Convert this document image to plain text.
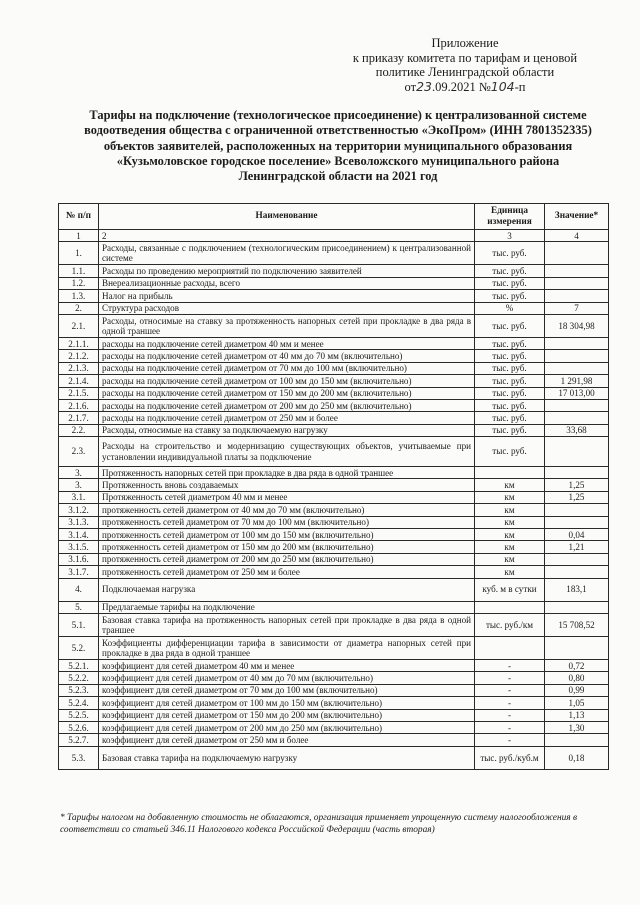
Приложение
к приказу комитета по тарифам и ценовой
политике Ленинградской области
от23.09.2021 №104-п
Тарифы на подключение (технологическое присоединение) к централизованной системе
водоотведения общества с ограниченной ответственностью «ЭкоПром» (ИНН 7801352335)
объектов заявителей, расположенных на территории муниципального образования
«Кузьмоловское городское поселение» Всеволожского муниципального района
Ленинградской области на 2021 год
№ п/п	Наименование	Единица измерения	Значение*
1	2	3	4
1.	Расходы, связанные с подключением (технологическим присоединением) к централизованной системе	тыс. руб.	
1.1.	Расходы по проведению мероприятий по подключению заявителей	тыс. руб.	
1.2.	Внереализационные расходы, всего	тыс. руб.	
1.3.	Налог на прибыль	тыс. руб.	
2.	Структура расходов	%	7
2.1.	Расходы, относимые на ставку за протяженность напорных сетей при прокладке в два ряда в одной траншее	тыс. руб.	18 304,98
2.1.1.	расходы на подключение сетей диаметром 40 мм и менее	тыс. руб.	
2.1.2.	расходы на подключение сетей диаметром от 40 мм до 70 мм (включительно)	тыс. руб.	
2.1.3.	расходы на подключение сетей диаметром от 70 мм до 100 мм (включительно)	тыс. руб.	
2.1.4.	расходы на подключение сетей диаметром от 100 мм до 150 мм (включительно)	тыс. руб.	1 291,98
2.1.5.	расходы на подключение сетей диаметром от 150 мм до 200 мм (включительно)	тыс. руб.	17 013,00
2.1.6.	расходы на подключение сетей диаметром от 200 мм до 250 мм (включительно)	тыс. руб.	
2.1.7.	расходы на подключение сетей диаметром от 250 мм и более	тыс. руб.	
2.2.	Расходы, относимые на ставку за подключаемую нагрузку	тыс. руб.	33,68
2.3.	Расходы на строительство и модернизацию существующих объектов, учитываемые при установлении индивидуальной платы за подключение	тыс. руб.	
3.	Протяженность напорных сетей при прокладке в два ряда в одной траншее		
3.	Протяженность вновь создаваемых	км	1,25
3.1.	Протяженность сетей диаметром 40 мм и менее	км	1,25
3.1.2.	протяженность сетей диаметром от 40 мм до 70 мм (включительно)	км	
3.1.3.	протяженность сетей диаметром от 70 мм до 100 мм (включительно)	км	
3.1.4.	протяженность сетей диаметром от 100 мм до 150 мм (включительно)	км	0,04
3.1.5.	протяженность сетей диаметром от 150 мм до 200 мм (включительно)	км	1,21
3.1.6.	протяженность сетей диаметром от 200 мм до 250 мм (включительно)	км	
3.1.7.	протяженность сетей диаметром от 250 мм и более	км	
4.	Подключаемая нагрузка	куб. м в сутки	183,1
5.	Предлагаемые тарифы на подключение		
5.1.	Базовая ставка тарифа на протяженность напорных сетей при прокладке в два ряда в одной траншее	тыс. руб./км	15 708,52
5.2.	Коэффициенты дифференциации тарифа в зависимости от диаметра напорных сетей при прокладке в два ряда в одной траншее		
5.2.1.	коэффициент для сетей диаметром 40 мм и менее	-	0,72
5.2.2.	коэффициент для сетей диаметром от 40 мм до 70 мм (включительно)	-	0,80
5.2.3.	коэффициент для сетей диаметром от 70 мм до 100 мм (включительно)	-	0,99
5.2.4.	коэффициент для сетей диаметром от 100 мм до 150 мм (включительно)	-	1,05
5.2.5.	коэффициент для сетей диаметром от 150 мм до 200 мм (включительно)	-	1,13
5.2.6.	коэффициент для сетей диаметром от 200 мм до 250 мм (включительно)	-	1,30
5.2.7.	коэффициент для сетей диаметром от 250 мм и более	-	
5.3.	Базовая ставка тарифа на подключаемую нагрузку	тыс. руб./куб.м	0,18
* Тарифы налогом на добавленную стоимость не облагаются, организация применяет упрощенную систему налогообложения в соответствии со статьей 346.11 Налогового кодекса Российской Федерации (часть вторая)
